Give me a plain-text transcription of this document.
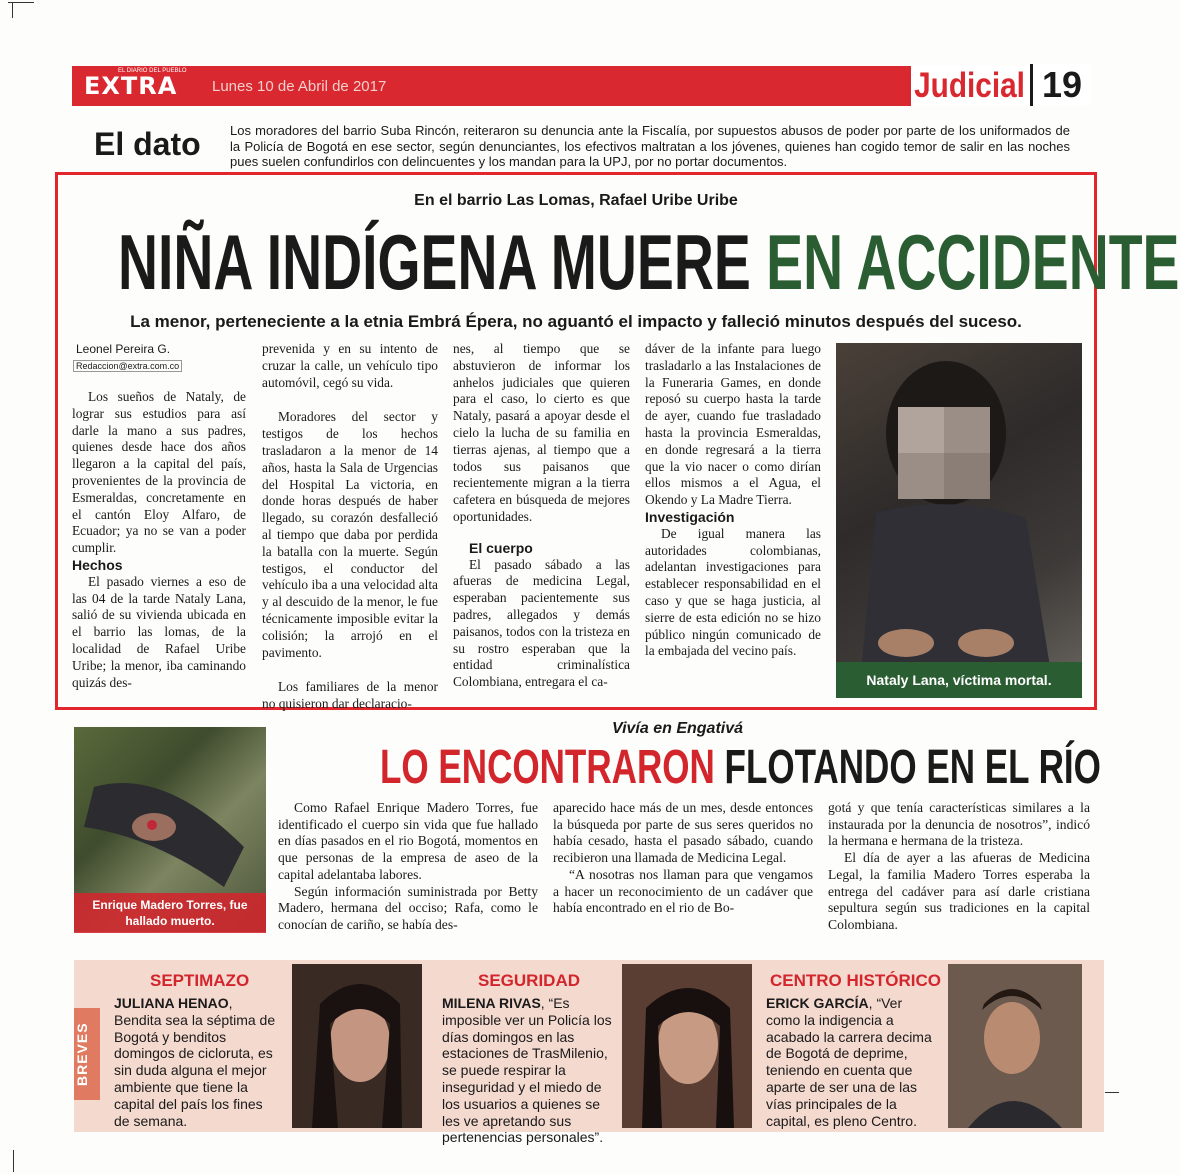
EXTRA
EL DIARIO DEL PUEBLO
Lunes 10 de Abril de 2017	Judicial 19
El dato Los moradores del barrio Suba Rincón, reiteraron su denuncia ante la Fiscalía, por supuestos abusos de poder por parte de los uniformados de la Policía de Bogotá en ese sector, según denunciantes, los efectivos maltratan a los jóvenes, quienes han cogido temor de salir en las noches pues suelen confundirlos con delincuentes y los mandan para la UPJ, por no portar documentos.
En el barrio Las Lomas, Rafael Uribe Uribe
NIÑA INDÍGENA MUERE EN ACCIDENTE
La menor, perteneciente a la etnia Embrá Épera, no aguantó el impacto y falleció minutos después del suceso.
Leonel Pereira G.
Redaccion@extra.com.co

Los sueños de Nataly, de lograr sus estudios para así darle la mano a sus padres, quienes desde hace dos años llegaron a la capital del país, provenientes de la provincia de Esmeraldas, concretamente en el cantón Eloy Alfaro, de Ecuador; ya no se van a poder cumplir.

Hechos

El pasado viernes a eso de las 04 de la tarde Nataly Lana, salió de su vivienda ubicada en el barrio las lomas, de la localidad de Rafael Uribe Uribe; la menor, iba caminando quizás des-

prevenida y en su intento de cruzar la calle, un vehículo tipo automóvil, cegó su vida.

Moradores del sector y testigos de los hechos trasladaron a la menor de 14 años, hasta la Sala de Urgencias del Hospital La victoria, en donde horas después de haber llegado, su corazón desfalleció al tiempo que daba por perdida la batalla con la muerte. Según testigos, el conductor del vehículo iba a una velocidad alta y al descuido de la menor, le fue técnicamente imposible evitar la colisión; la arrojó en el pavimento.

Los familiares de la menor no quisieron dar declaracio-

nes, al tiempo que se abstuvieron de informar los anhelos judiciales que quieren para el caso, lo cierto es que Nataly, pasará a apoyar desde el cielo la lucha de su familia en tierras ajenas, al tiempo que a todos sus paisanos que recientemente migran a la tierra cafetera en búsqueda de mejores oportunidades.

El cuerpo

El pasado sábado a las afueras de medicina Legal, esperaban pacientemente sus padres, allegados y demás paisanos, todos con la tristeza en su rostro esperaban que la entidad criminalística Colombiana, entregara el ca-

dáver de la infante para luego trasladarlo a las Instalaciones de la Funeraria Games, en donde reposó su cuerpo hasta la tarde de ayer, cuando fue trasladado hasta la provincia Esmeraldas, en donde regresará a la tierra que la vio nacer o como dirían ellos mismos a el Agua, el Okendo y La Madre Tierra.

Investigación

De igual manera las autoridades colombianas, adelantan investigaciones para establecer responsabilidad en el caso y que se haga justicia, al sierre de esta edición no se hizo público ningún comunicado de la embajada del vecino país.

Nataly Lana, víctima mortal.
Enrique Madero Torres, fue hallado muerto.
Vivía en Engativá
LO ENCONTRARON FLOTANDO EN EL RÍO

Como Rafael Enrique Madero Torres, fue identificado el cuerpo sin vida que fue hallado en días pasados en el rio Bogotá, momentos en que personas de la empresa de aseo de la capital adelantaba labores.

Según información suministrada por Betty Madero, hermana del occiso; Rafa, como le conocían de cariño, se había des-

aparecido hace más de un mes, desde entonces la búsqueda por parte de sus seres queridos no había cesado, hasta el pasado sábado, cuando recibieron una llamada de Medicina Legal.

“A nosotras nos llaman para que vengamos a hacer un reconocimiento de un cadáver que había encontrado en el rio de Bo-

gotá y que tenía características similares a la instaurada por la denuncia de nosotros”, indicó la hermana e hermana de la tristeza.

El día de ayer a las afueras de Medicina Legal, la familia Madero Torres esperaba la entrega del cadáver para así darle cristiana sepultura según sus tradiciones en la capital Colombiana.

BREVES
SEPTIMAZO
JULIANA HENAO, Bendita sea la séptima de Bogotá y benditos domingos de cicloruta, es sin duda alguna el mejor ambiente que tiene la capital del país los fines de semana.
SEGURIDAD
MILENA RIVAS, “Es imposible ver un Policía los días domingos en las estaciones de TrasMilenio, se puede respirar la inseguridad y el miedo de los usuarios a quienes se les ve apretando sus pertenencias personales”.
CENTRO HISTÓRICO
ERICK GARCÍA, “Ver como la indigencia a acabado la carrera decima de Bogotá de deprime, teniendo en cuenta que aparte de ser una de las vías principales de la capital, es pleno Centro.
